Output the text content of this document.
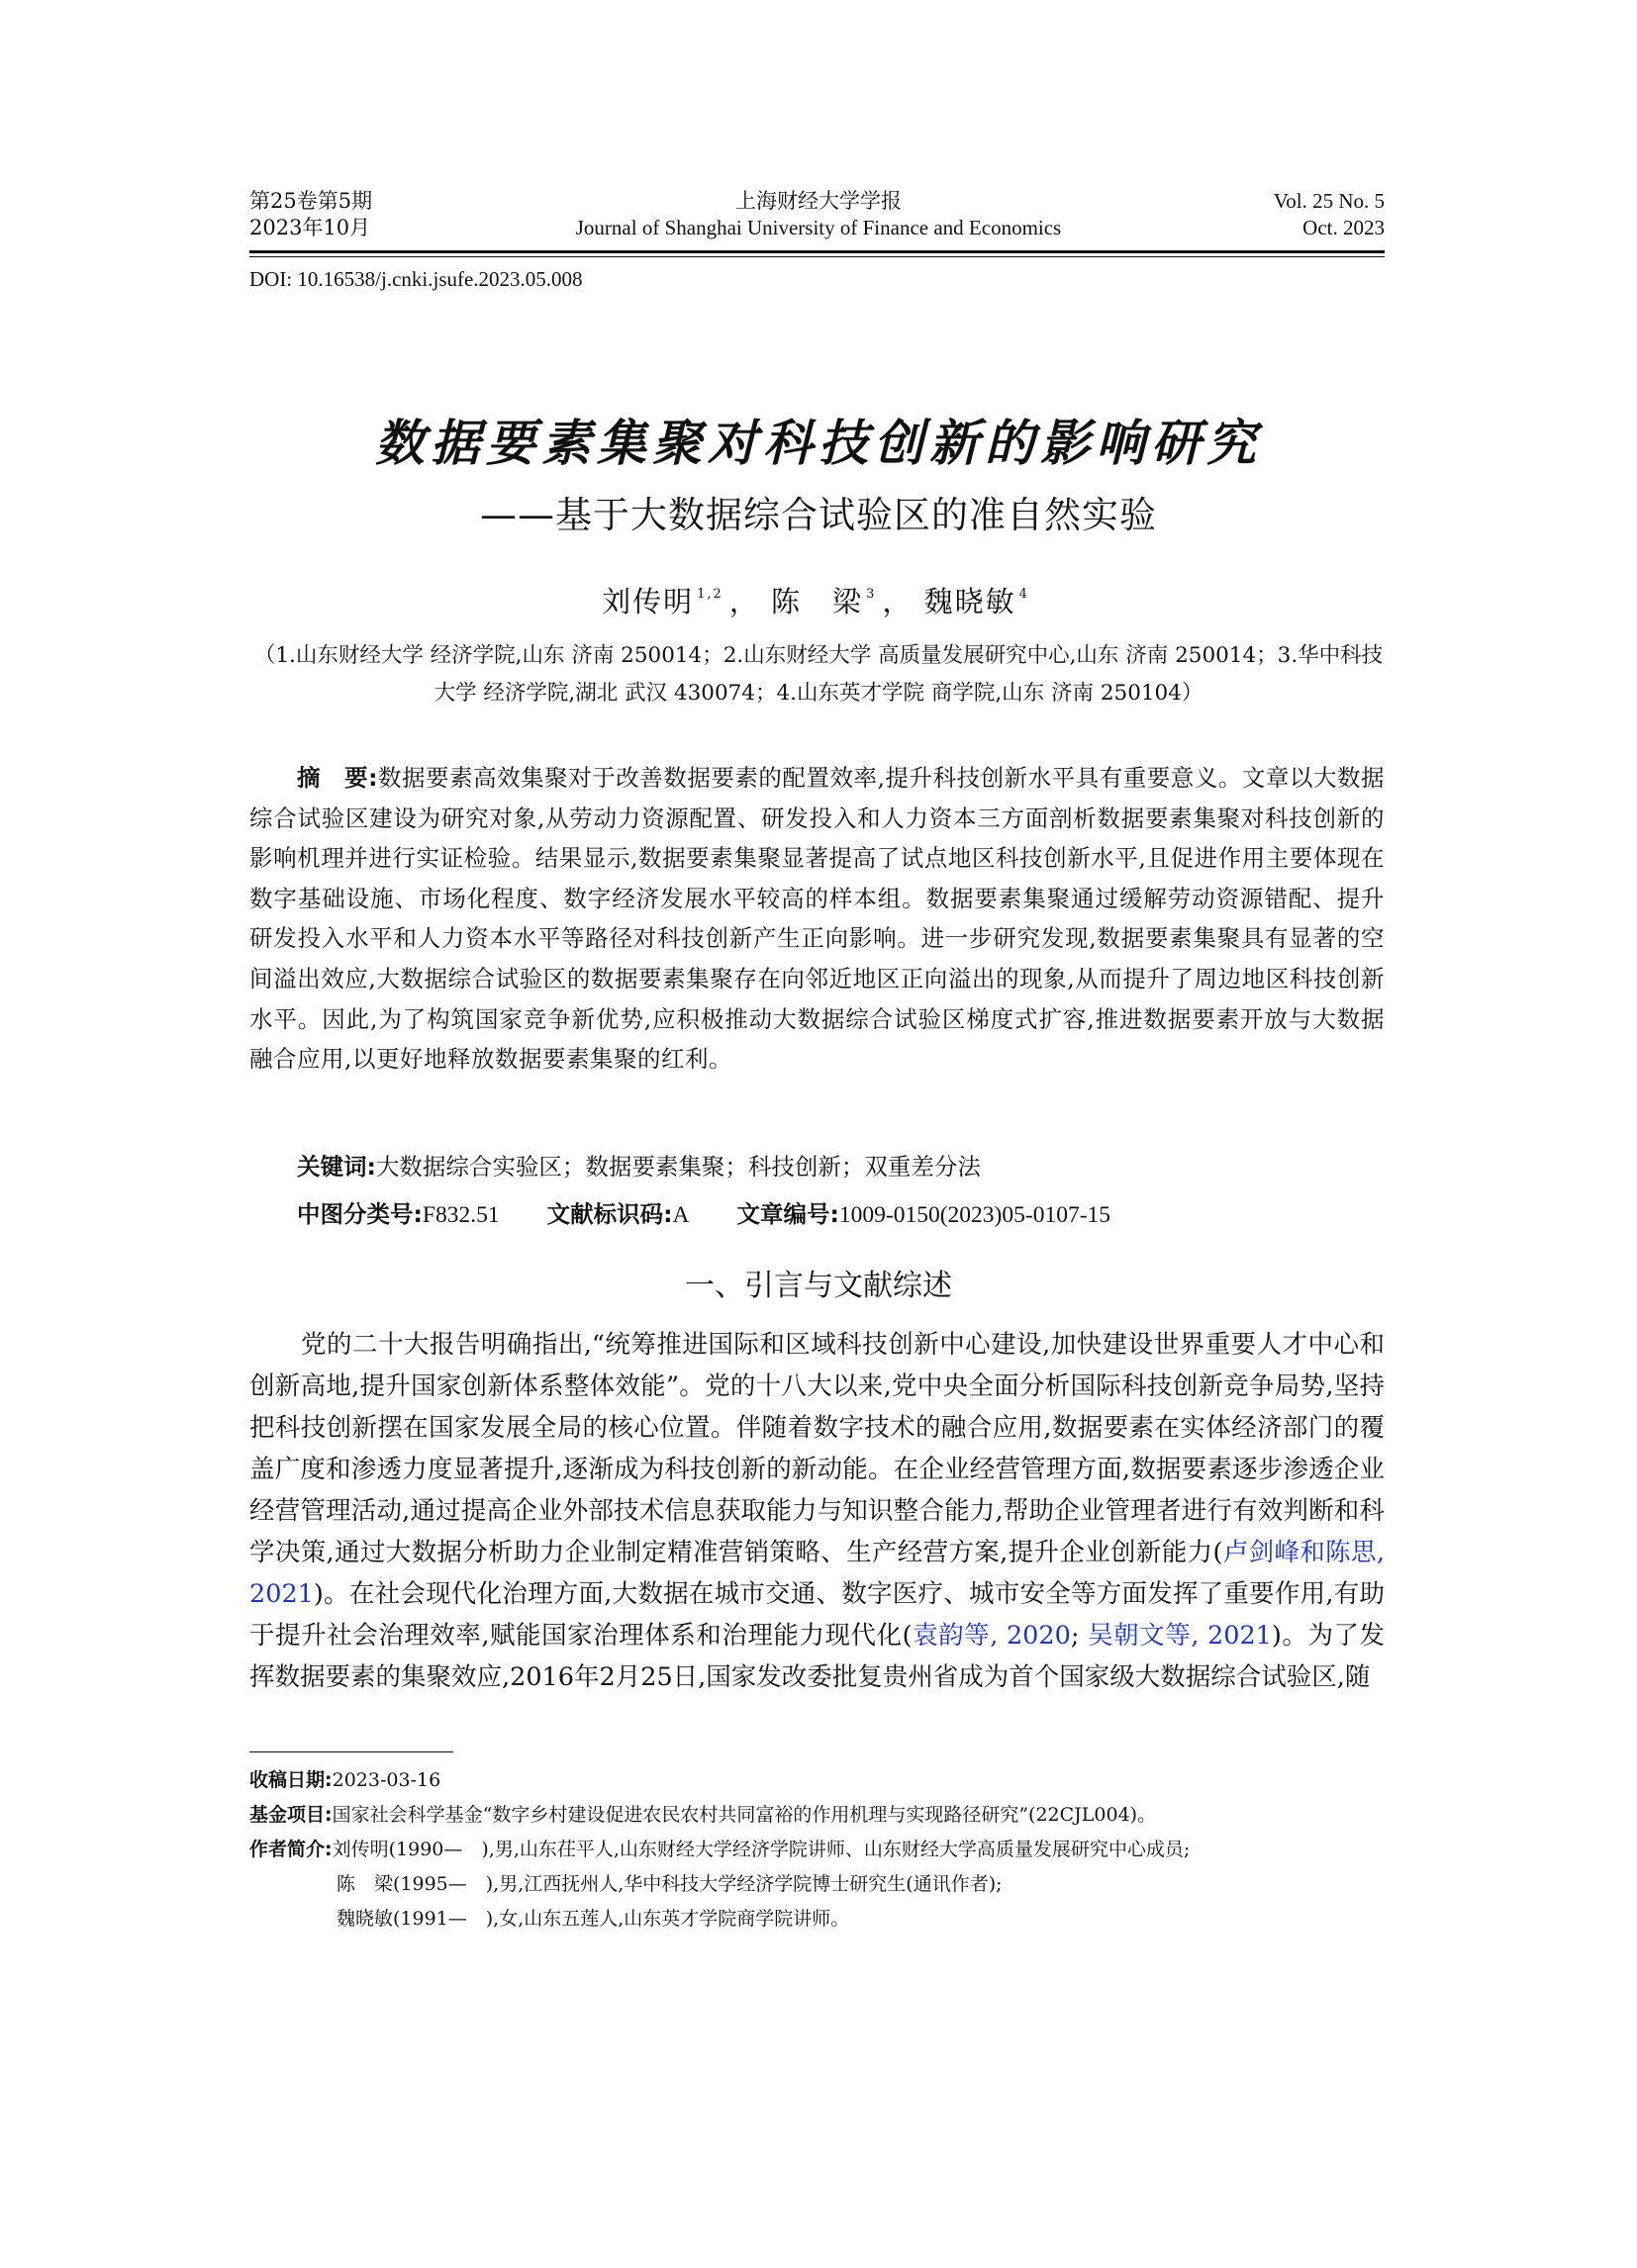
第25卷第5期
2023年10月
上海财经大学学报
Journal of Shanghai University of Finance and Economics
Vol. 25 No. 5
Oct. 2023
DOI: 10.16538/j.cnki.jsufe.2023.05.008
数据要素集聚对科技创新的影响研究
——基于大数据综合试验区的准自然实验
刘传明 $^{1,2}$ ， 陈　梁 $^3$ ， 魏晓敏 $^4$
（1.山东财经大学 经济学院,山东 济南 250014；2.山东财经大学 高质量发展研究中心,山东 济南 250014；3.华中科技大学 经济学院,湖北 武汉 430074；4.山东英才学院 商学院,山东 济南 250104）
摘　要:数据要素高效集聚对于改善数据要素的配置效率,提升科技创新水平具有重要意义。文章以大数据综合试验区建设为研究对象,从劳动力资源配置、研发投入和人力资本三方面剖析数据要素集聚对科技创新的影响机理并进行实证检验。结果显示,数据要素集聚显著提高了试点地区科技创新水平,且促进作用主要体现在数字基础设施、市场化程度、数字经济发展水平较高的样本组。数据要素集聚通过缓解劳动资源错配、提升研发投入水平和人力资本水平等路径对科技创新产生正向影响。进一步研究发现,数据要素集聚具有显著的空间溢出效应,大数据综合试验区的数据要素集聚存在向邻近地区正向溢出的现象,从而提升了周边地区科技创新水平。因此,为了构筑国家竞争新优势,应积极推动大数据综合试验区梯度式扩容,推进数据要素开放与大数据融合应用,以更好地释放数据要素集聚的红利。
关键词:大数据综合实验区；数据要素集聚；科技创新；双重差分法
中图分类号:F832.51 文献标识码:A 文章编号:1009-0150(2023)05-0107-15
一、引言与文献综述
党的二十大报告明确指出,“统筹推进国际和区域科技创新中心建设,加快建设世界重要人才中心和创新高地,提升国家创新体系整体效能”。党的十八大以来,党中央全面分析国际科技创新竞争局势,坚持把科技创新摆在国家发展全局的核心位置。伴随着数字技术的融合应用,数据要素在实体经济部门的覆盖广度和渗透力度显著提升,逐渐成为科技创新的新动能。在企业经营管理方面,数据要素逐步渗透企业经营管理活动,通过提高企业外部技术信息获取能力与知识整合能力,帮助企业管理者进行有效判断和科学决策,通过大数据分析助力企业制定精准营销策略、生产经营方案,提升企业创新能力(卢剑峰和陈思, 2021)。在社会现代化治理方面,大数据在城市交通、数字医疗、城市安全等方面发挥了重要作用,有助于提升社会治理效率,赋能国家治理体系和治理能力现代化(袁韵等, 2020; 吴朝文等, 2021)。为了发挥数据要素的集聚效应,2016年2月25日,国家发改委批复贵州省成为首个国家级大数据综合试验区,随
收稿日期:2023-03-16
基金项目:国家社会科学基金“数字乡村建设促进农民农村共同富裕的作用机理与实现路径研究”(22CJL004)。
作者简介:刘传明(1990—　),男,山东茌平人,山东财经大学经济学院讲师、山东财经大学高质量发展研究中心成员;
陈　梁(1995—　),男,江西抚州人,华中科技大学经济学院博士研究生(通讯作者);
魏晓敏(1991—　),女,山东五莲人,山东英才学院商学院讲师。
